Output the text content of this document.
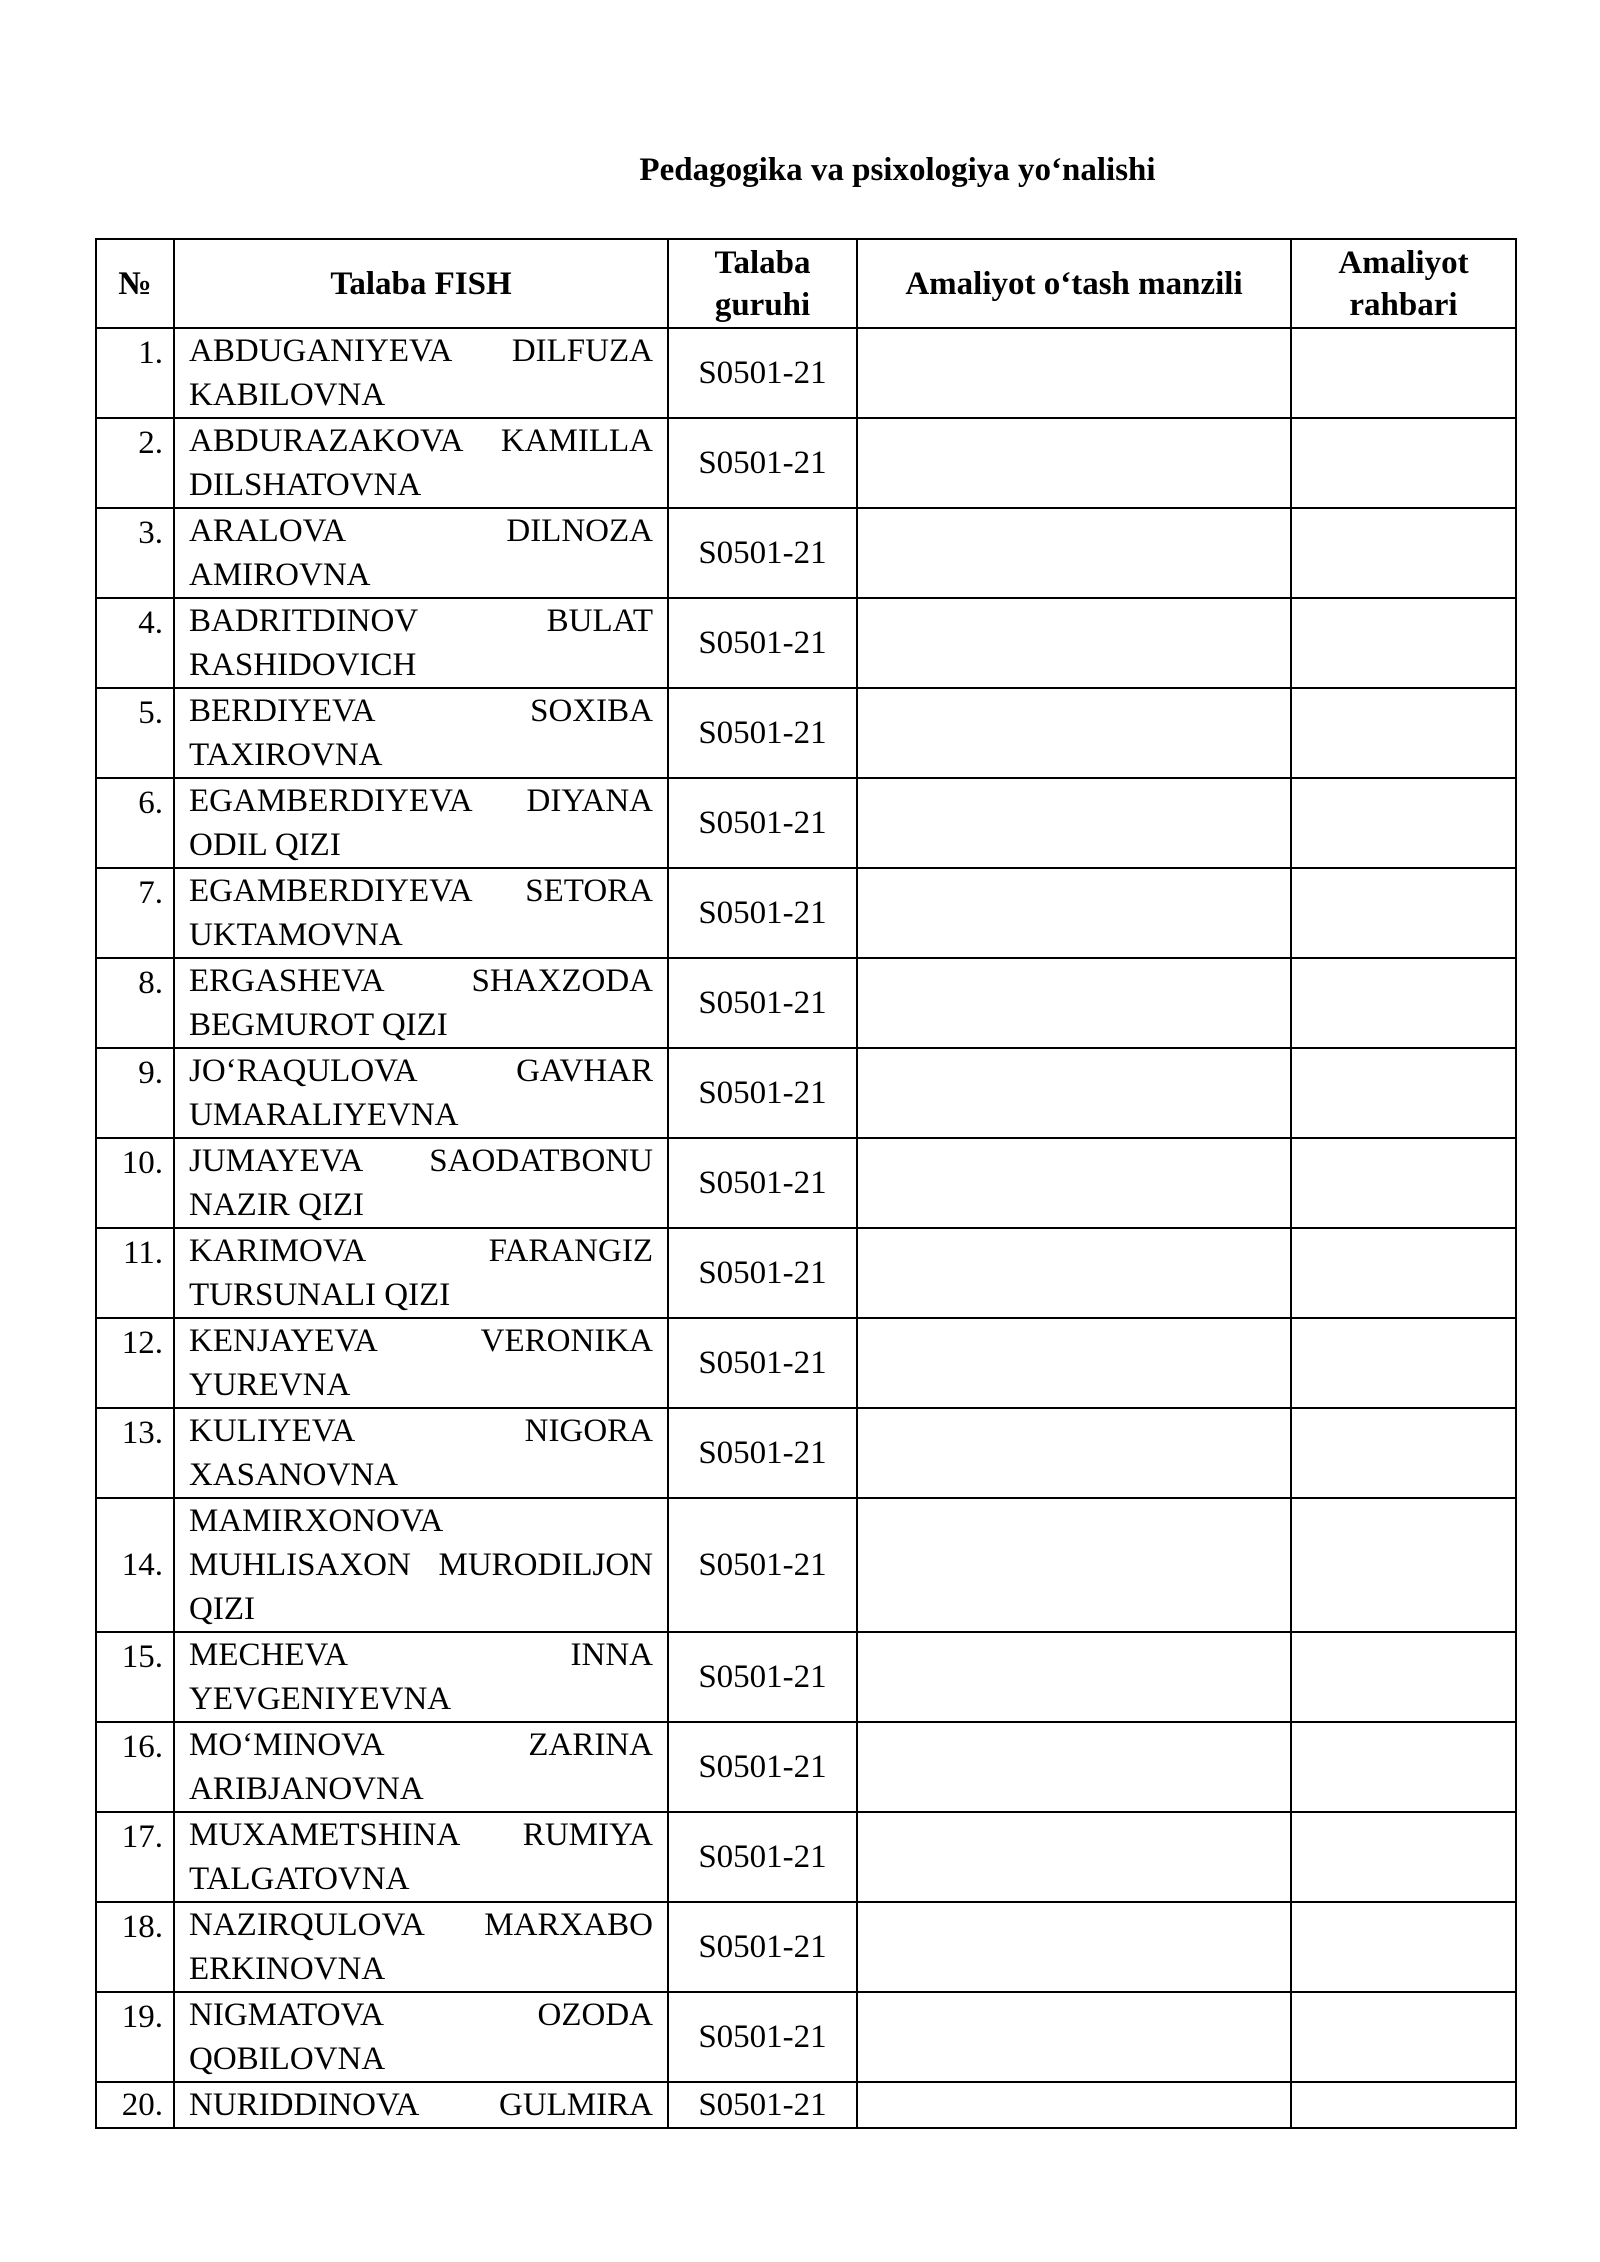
Pedagogika va psixologiya yo‘nalishi
№	Talaba FISH	Talaba guruhi	Amaliyot o‘tash manzili	Amaliyot rahbari
1.	ABDUGANIYEVA DILFUZA KABILOVNA	S0501-21		
2.	ABDURAZAKOVA KAMILLA DILSHATOVNA	S0501-21		
3.	ARALOVA DILNOZA AMIROVNA	S0501-21		
4.	BADRITDINOV BULAT RASHIDOVICH	S0501-21		
5.	BERDIYEVA SOXIBA TAXIROVNA	S0501-21		
6.	EGAMBERDIYEVA DIYANA ODIL QIZI	S0501-21		
7.	EGAMBERDIYEVA SETORA UKTAMOVNA	S0501-21		
8.	ERGASHEVA SHAXZODA BEGMUROT QIZI	S0501-21		
9.	JO‘RAQULOVA GAVHAR UMARALIYEVNA	S0501-21		
10.	JUMAYEVA SAODATBONU NAZIR QIZI	S0501-21		
11.	KARIMOVA FARANGIZ TURSUNALI QIZI	S0501-21		
12.	KENJAYEVA VERONIKA YUREVNA	S0501-21		
13.	KULIYEVA NIGORA XASANOVNA	S0501-21		
14.	MAMIRXONOVA MUHLISAXON MURODILJON QIZI	S0501-21		
15.	MECHEVA INNA YEVGENIYEVNA	S0501-21		
16.	MO‘MINOVA ZARINA ARIBJANOVNA	S0501-21		
17.	MUXAMETSHINA RUMIYA TALGATOVNA	S0501-21		
18.	NAZIRQULOVA MARXABO ERKINOVNA	S0501-21		
19.	NIGMATOVA OZODA QOBILOVNA	S0501-21		
20.	NURIDDINOVA GULMIRA	S0501-21		
